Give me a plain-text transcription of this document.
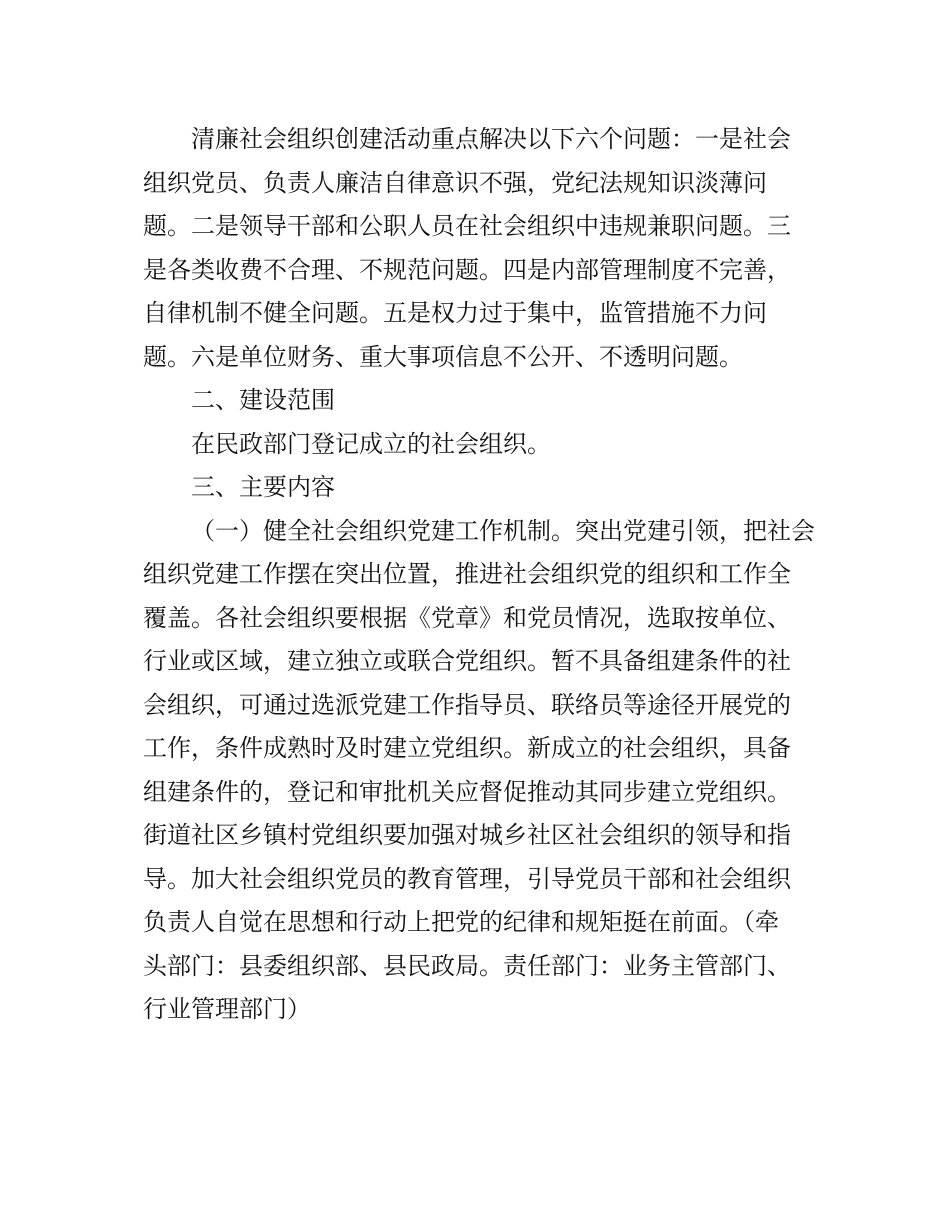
清廉社会组织创建活动重点解决以下六个问题：一是社会
组织党员、负责人廉洁自律意识不强，党纪法规知识淡薄问
题。二是领导干部和公职人员在社会组织中违规兼职问题。三
是各类收费不合理、不规范问题。四是内部管理制度不完善，
自律机制不健全问题。五是权力过于集中，监管措施不力问
题。六是单位财务、重大事项信息不公开、不透明问题。
二、建设范围
在民政部门登记成立的社会组织。
三、主要内容
（一）健全社会组织党建工作机制。突出党建引领，把社会
组织党建工作摆在突出位置，推进社会组织党的组织和工作全
覆盖。各社会组织要根据《党章》和党员情况，选取按单位、
行业或区域，建立独立或联合党组织。暂不具备组建条件的社
会组织，可通过选派党建工作指导员、联络员等途径开展党的
工作，条件成熟时及时建立党组织。新成立的社会组织，具备
组建条件的，登记和审批机关应督促推动其同步建立党组织。
街道社区乡镇村党组织要加强对城乡社区社会组织的领导和指
导。加大社会组织党员的教育管理，引导党员干部和社会组织
负责人自觉在思想和行动上把党的纪律和规矩挺在前面。（牵
头部门：县委组织部、县民政局。责任部门：业务主管部门、
行业管理部门）
